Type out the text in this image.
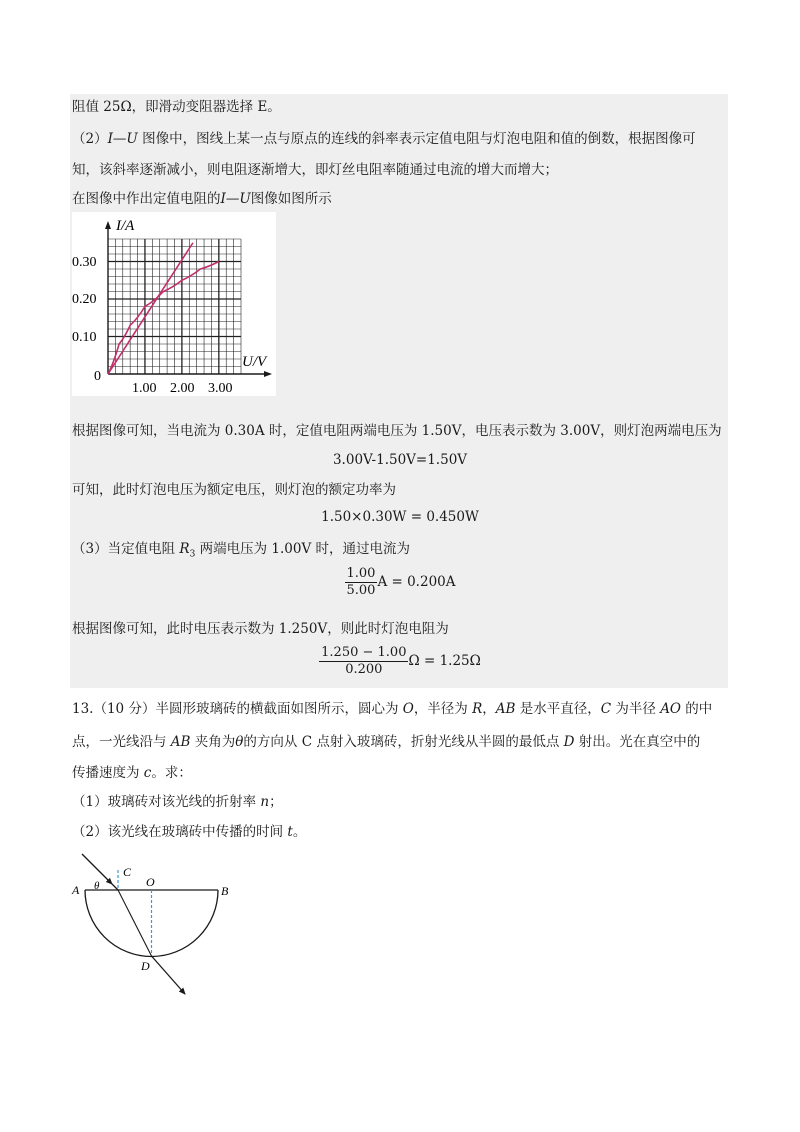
阻值 25Ω，即滑动变阻器选择 E。
（2）I—U 图像中，图线上某一点与原点的连线的斜率表示定值电阻与灯泡电阻和值的倒数，根据图像可
知，该斜率逐渐减小，则电阻逐渐增大，即灯丝电阻率随通过电流的增大而增大；
在图像中作出定值电阻的I—U图像如图所示
I/A
U/V
0
0.10
0.20
0.30
1.00 2.00 3.00
根据图像可知，当电流为 0.30A 时，定值电阻两端电压为 1.50V，电压表示数为 3.00V，则灯泡两端电压为
3.00V-1.50V=1.50V
可知，此时灯泡电压为额定电压，则灯泡的额定功率为
1.50×0.30W = 0.450W
（3）当定值电阻 $R_3$ 两端电压为 1.00V 时，通过电流为
$\frac{1.00}{5.00}$ A = 0.200A
根据图像可知，此时电压表示数为 1.250V，则此时灯泡电阻为
$\frac{1.250 - 1.00}{0.200}$ Ω = 1.25Ω
13.（10 分）半圆形玻璃砖的横截面如图所示，圆心为 O，半径为 R，AB 是水平直径，C 为半径 AO 的中
点，一光线沿与 AB 夹角为θ的方向从 C 点射入玻璃砖，折射光线从半圆的最低点 D 射出。光在真空中的
传播速度为 c。求：
（1）玻璃砖对该光线的折射率 n；
（2）该光线在玻璃砖中传播的时间 t。
A	B
C
O
D
θ
